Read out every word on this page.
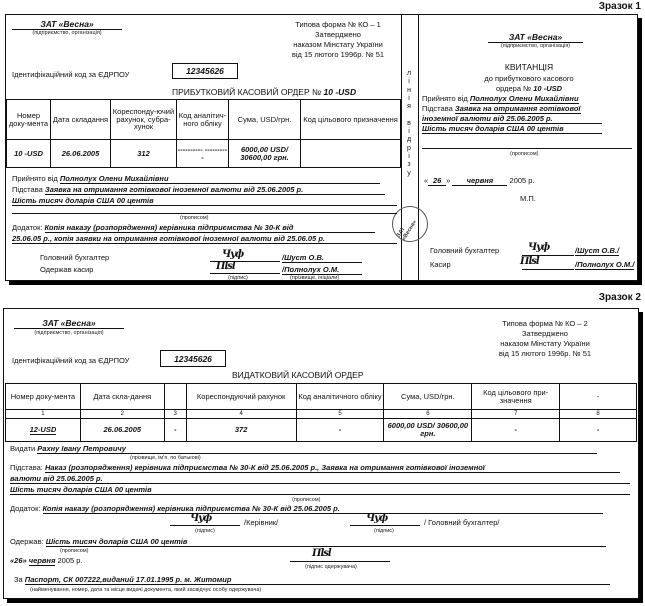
Зразок 1
л
і
н
і
я

в
і
д
р
і
з
у
ЗАТ «Весна»
ЗАТ «Весна»
(підприємство, організація)
Типова форма № КО – 1
Затверджено
наказом Мінстату України
від 15 лютого 1996р. № 51
Ідентифікаційний код за ЄДРПОУ	12345626
ПРИБУТКОВИЙ КАСОВИЙ ОРДЕР № 10 -USD
Номер доку-мента	Дата складання	Кореспонду-ючий рахунок, субра-хунок	Код аналітич-ного обліку	Сума, USD/грн.	Код цільового призначення
10 -USD	26.06.2005	312	---------- ----------	6000,00 USD/ 30600,00 грн.	
Прийнято від Полнолух Олени Михайлівни
Підстава Заявка на отримання готівкової іноземної валюти від 25.06.2005 р.
Шість тисяч доларів США 00 центів
(прописом)
Додаток: Копія наказу (розпорядження) керівника підприємства № 30-К від
25.06.05 р., копія заявки на отримання готівкової іноземної валюти від 25.06.05 р.
Головний бухгалтер
Одержав касир
Чуф
Пlsl
/Шуст О.В.
/Полнолух О.М.
(підпис)	(прізвище, ініціали)
ЗАТ «Весна»
(підприємство, організація)
КВИТАНЦІЯ
до прибуткового касового
ордера № 10 -USD
Прийнято від Полнолух Олени Михайлівни
Підстава Заявка на отримання готівкової
іноземної валюти від 25.06.2005 р.
Шість тисяч доларів США 00 центів
(прописом)
« 26 » червня 2005 р.
М.П.
Головний бухгалтер
Касир
Чуф
Пlsl
/Шуст О.В./
/Полнолух О.М./
Зразок 2
ЗАТ «Весна»
(підприємство, організація)
Типова форма № КО – 2
Затверджено
наказом Мінстату України
від 15 лютого 1996р. № 51
Ідентифікаційний код за ЄДРПОУ	12345626
ВИДАТКОВИЙ КАСОВИЙ ОРДЕР
Номер доку-мента	Дата скла-дання		Кореспондуючий рахунок	Код аналітичного обліку	Сума, USD/грн.	Код цільового при-значення	-
1	2	3	4	5	6	7	8
12-USD	26.06.2005	-	372	-	6000,00 USD/ 30600,00 грн.	-	-
Видати Рахну Івану Петровичу
(прізвище, ім'я, по батькові)
Підстава: Наказ (розпорядження) керівника підприємства № 30-К від 25.06.2005 р., Заявка на отримання готівкової іноземної
валюти від 25.06.2005 р.
Шість тисяч доларів США 00 центів
(прописом)
Додаток: Копія наказу (розпорядження) керівника підприємства № 30-К від 25.06.2005 р.
Чуф	/Керівник/
(підпис)
Чуф	/ Головний бухгалтер/
(підпис)
Одержав: Шість тисяч доларів США 00 центів
(прописом)
«26» червня 2005 р.
Пlsl
(підпис одержувача)
За Паспорт, СК 007222,виданий 17.01.1995 р. м. Житомир
(найменування, номер, дата та місце видачі документа, який засвідчує особу одержувача)
